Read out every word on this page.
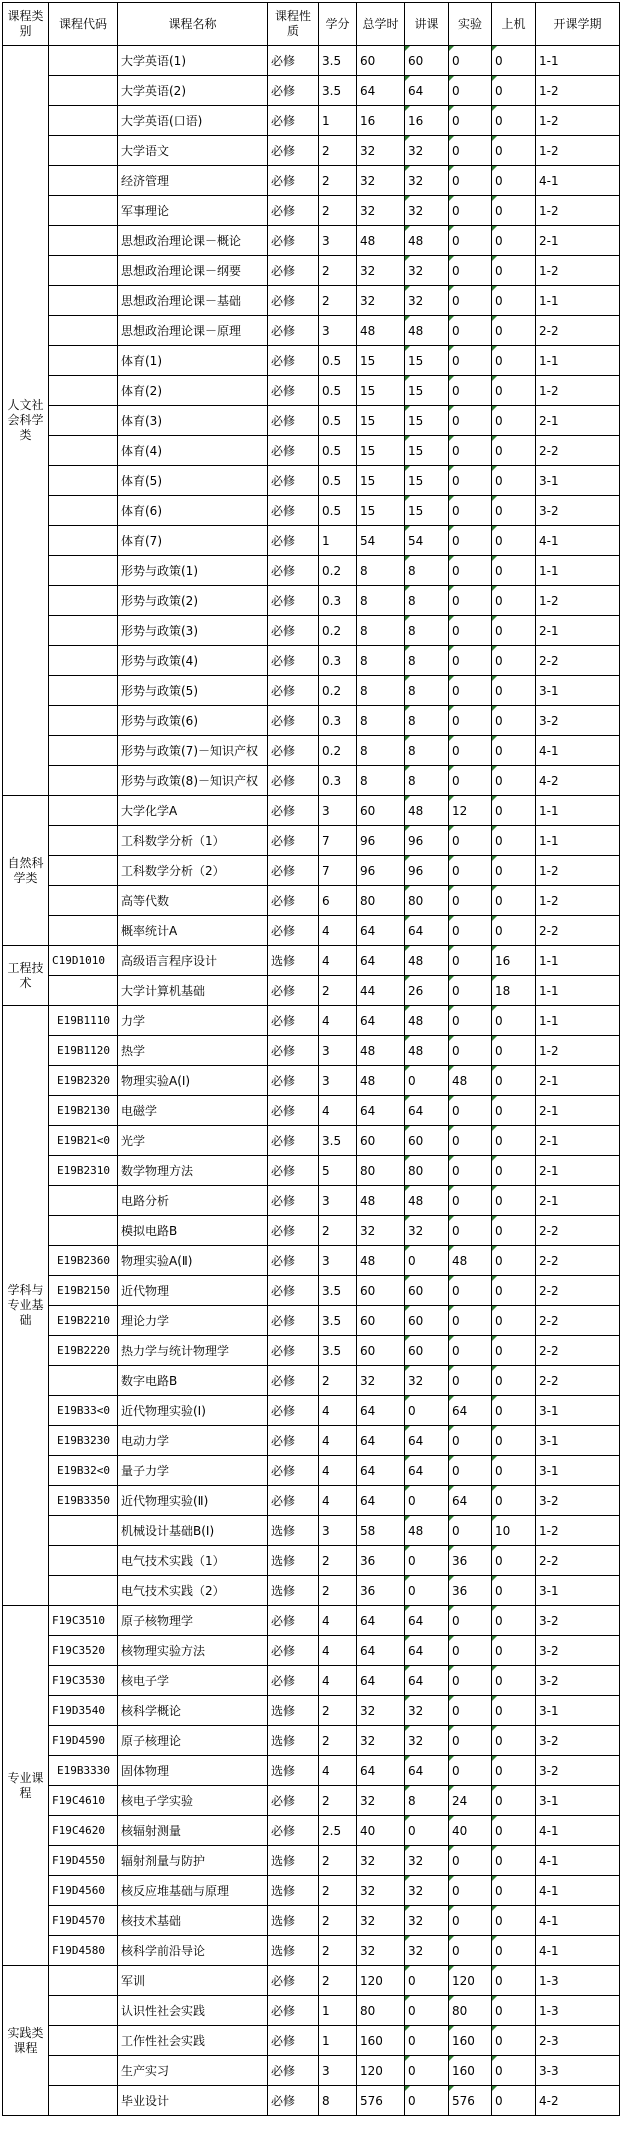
课程类别	课程代码	课程名称	课程性质	学分	总学时	讲课	实验	上机	开课学期
人文社会科学类		大学英语(1)	必修	3.5	60	60	0	0	1-1
		大学英语(2)	必修	3.5	64	64	0	0	1-2
		大学英语(口语)	必修	1	16	16	0	0	1-2
		大学语文	必修	2	32	32	0	0	1-2
		经济管理	必修	2	32	32	0	0	4-1
		军事理论	必修	2	32	32	0	0	1-2
		思想政治理论课－概论	必修	3	48	48	0	0	2-1
		思想政治理论课－纲要	必修	2	32	32	0	0	1-2
		思想政治理论课－基础	必修	2	32	32	0	0	1-1
		思想政治理论课－原理	必修	3	48	48	0	0	2-2
		体育(1)	必修	0.5	15	15	0	0	1-1
		体育(2)	必修	0.5	15	15	0	0	1-2
		体育(3)	必修	0.5	15	15	0	0	2-1
		体育(4)	必修	0.5	15	15	0	0	2-2
		体育(5)	必修	0.5	15	15	0	0	3-1
		体育(6)	必修	0.5	15	15	0	0	3-2
		体育(7)	必修	1	54	54	0	0	4-1
		形势与政策(1)	必修	0.2	8	8	0	0	1-1
		形势与政策(2)	必修	0.3	8	8	0	0	1-2
		形势与政策(3)	必修	0.2	8	8	0	0	2-1
		形势与政策(4)	必修	0.3	8	8	0	0	2-2
		形势与政策(5)	必修	0.2	8	8	0	0	3-1
		形势与政策(6)	必修	0.3	8	8	0	0	3-2
		形势与政策(7)－知识产权	必修	0.2	8	8	0	0	4-1
		形势与政策(8)－知识产权	必修	0.3	8	8	0	0	4-2
自然科学类		大学化学A	必修	3	60	48	12	0	1-1
		工科数学分析（1）	必修	7	96	96	0	0	1-1
		工科数学分析（2）	必修	7	96	96	0	0	1-2
		高等代数	必修	6	80	80	0	0	1-2
		概率统计A	必修	4	64	64	0	0	2-2
工程技术	C19D1010	高级语言程序设计	选修	4	64	48	0	16	1-1
		大学计算机基础	必修	2	44	26	0	18	1-1
学科与专业基础	E19B1110	力学	必修	4	64	48	0	0	1-1
	E19B1120	热学	必修	3	48	48	0	0	1-2
	E19B2320	物理实验A(Ⅰ)	必修	3	48	0	48	0	2-1
	E19B2130	电磁学	必修	4	64	64	0	0	2-1
	E19B21<0	光学	必修	3.5	60	60	0	0	2-1
	E19B2310	数学物理方法	必修	5	80	80	0	0	2-1
		电路分析	必修	3	48	48	0	0	2-1
		模拟电路B	必修	2	32	32	0	0	2-2
	E19B2360	物理实验A(Ⅱ)	必修	3	48	0	48	0	2-2
	E19B2150	近代物理	必修	3.5	60	60	0	0	2-2
	E19B2210	理论力学	必修	3.5	60	60	0	0	2-2
	E19B2220	热力学与统计物理学	必修	3.5	60	60	0	0	2-2
		数字电路B	必修	2	32	32	0	0	2-2
	E19B33<0	近代物理实验(Ⅰ)	必修	4	64	0	64	0	3-1
	E19B3230	电动力学	必修	4	64	64	0	0	3-1
	E19B32<0	量子力学	必修	4	64	64	0	0	3-1
	E19B3350	近代物理实验(Ⅱ)	必修	4	64	0	64	0	3-2
		机械设计基础B(Ⅰ)	选修	3	58	48	0	10	1-2
		电气技术实践（1）	选修	2	36	0	36	0	2-2
		电气技术实践（2）	选修	2	36	0	36	0	3-1
专业课程	F19C3510	原子核物理学	必修	4	64	64	0	0	3-2
	F19C3520	核物理实验方法	必修	4	64	64	0	0	3-2
	F19C3530	核电子学	必修	4	64	64	0	0	3-2
	F19D3540	核科学概论	选修	2	32	32	0	0	3-1
	F19D4590	原子核理论	选修	2	32	32	0	0	3-2
	E19B3330	固体物理	选修	4	64	64	0	0	3-2
	F19C4610	核电子学实验	必修	2	32	8	24	0	3-1
	F19C4620	核辐射测量	必修	2.5	40	0	40	0	4-1
	F19D4550	辐射剂量与防护	选修	2	32	32	0	0	4-1
	F19D4560	核反应堆基础与原理	选修	2	32	32	0	0	4-1
	F19D4570	核技术基础	选修	2	32	32	0	0	4-1
	F19D4580	核科学前沿导论	选修	2	32	32	0	0	4-1
实践类课程		军训	必修	2	120	0	120	0	1-3
		认识性社会实践	必修	1	80	0	80	0	1-3
		工作性社会实践	必修	1	160	0	160	0	2-3
		生产实习	必修	3	120	0	160	0	3-3
		毕业设计	必修	8	576	0	576	0	4-2
